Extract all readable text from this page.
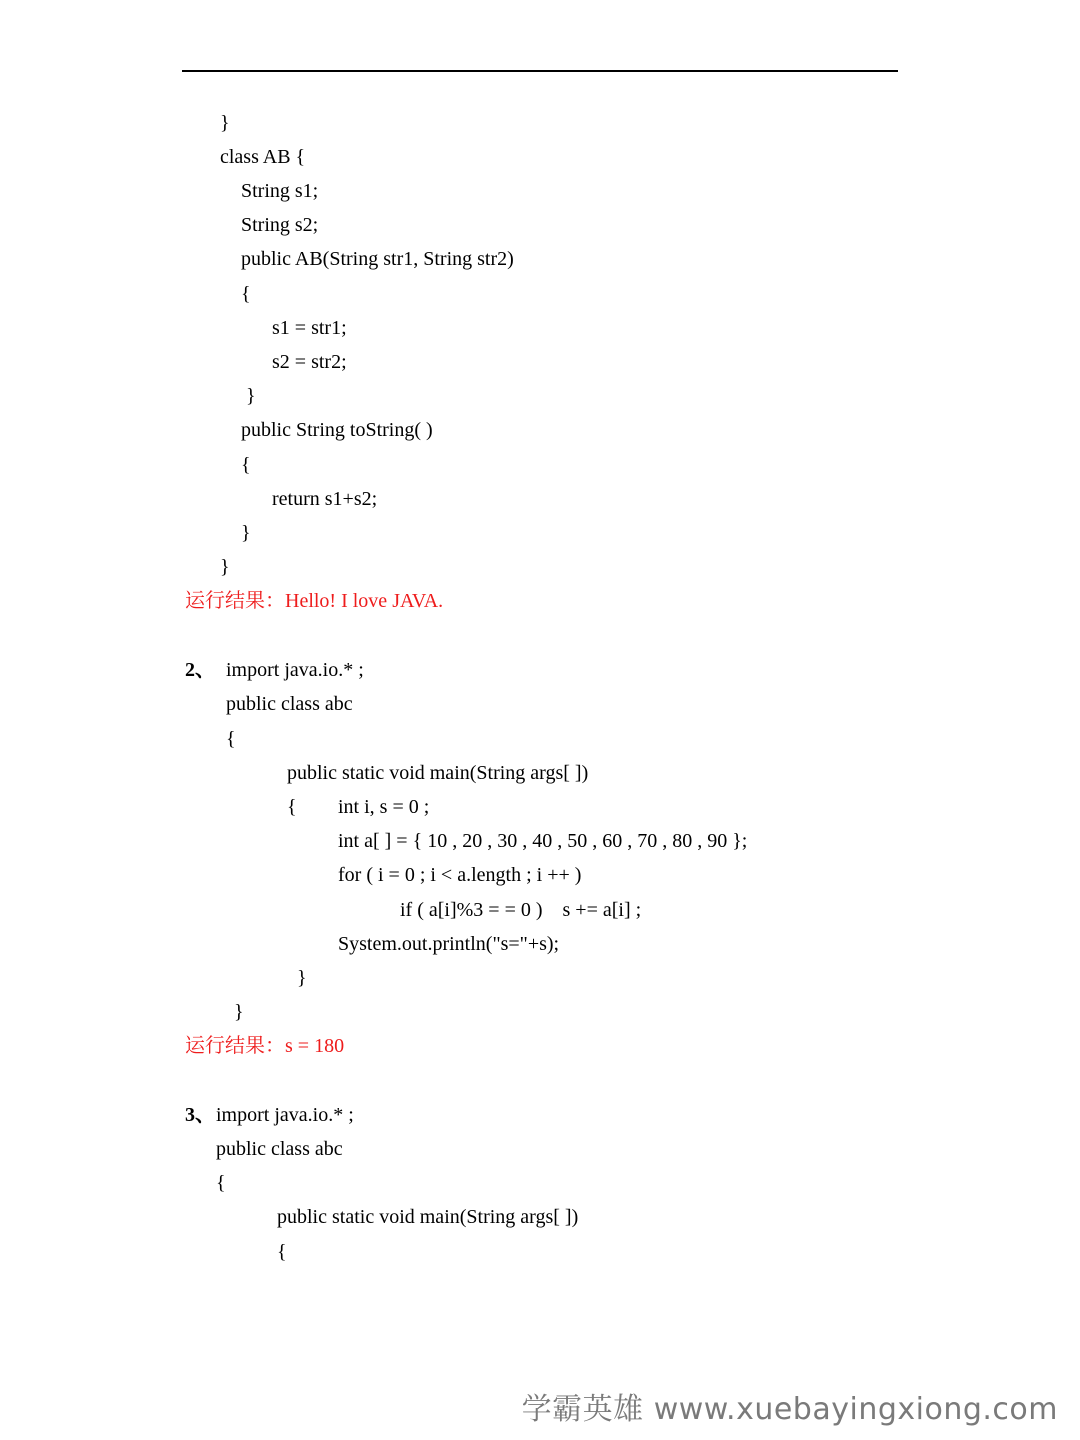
}
class AB {
String s1;
String s2;
public AB(String str1, String str2)
{
s1 = str1;
s2 = str2;
}
public String toString( )
{
return s1+s2;
}
}
运行结果：Hello! I love JAVA.
2、 import java.io.* ;
public class abc
{
public static void main(String args[ ])
{ int i, s = 0 ;
int a[ ] = { 10 , 20 , 30 , 40 , 50 , 60 , 70 , 80 , 90 };
for ( i = 0 ; i < a.length ; i ++ )
if ( a[i]%3 = = 0 )    s += a[i] ;
System.out.println("s="+s);
}
}
运行结果：s = 180
3、 import java.io.* ;
public class abc
{
public static void main(String args[ ])
{
学霸英雄 www.xuebayingxiong.com
